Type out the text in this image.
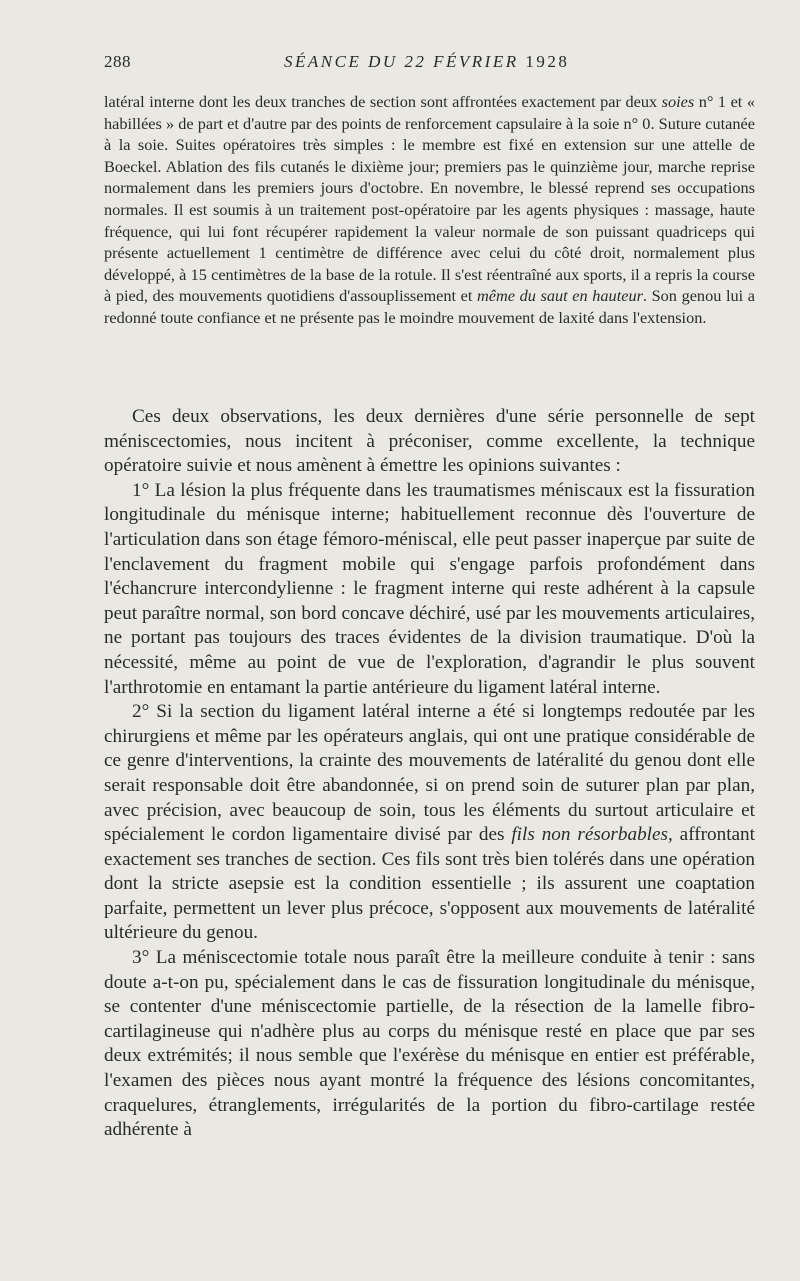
288	SÉANCE DU 22 FÉVRIER 1928

latéral interne dont les deux tranches de section sont affrontées exactement par deux soies n° 1 et « habillées » de part et d'autre par des points de renforcement capsulaire à la soie n° 0. Suture cutanée à la soie. Suites opératoires très simples : le membre est fixé en extension sur une attelle de Boeckel. Ablation des fils cutanés le dixième jour; premiers pas le quinzième jour, marche reprise normalement dans les premiers jours d'octobre. En novembre, le blessé reprend ses occupations normales. Il est soumis à un traitement post-opératoire par les agents physiques : massage, haute fréquence, qui lui font récupérer rapidement la valeur normale de son puissant quadriceps qui présente actuellement 1 centimètre de différence avec celui du côté droit, normalement plus développé, à 15 centimètres de la base de la rotule. Il s'est réentraîné aux sports, il a repris la course à pied, des mouvements quotidiens d'assouplissement et même du saut en hauteur. Son genou lui a redonné toute confiance et ne présente pas le moindre mouvement de laxité dans l'extension.

Ces deux observations, les deux dernières d'une série personnelle de sept méniscectomies, nous incitent à préconiser, comme excellente, la technique opératoire suivie et nous amènent à émettre les opinions suivantes :

1° La lésion la plus fréquente dans les traumatismes méniscaux est la fissuration longitudinale du ménisque interne; habituellement reconnue dès l'ouverture de l'articulation dans son étage fémoro-méniscal, elle peut passer inaperçue par suite de l'enclavement du fragment mobile qui s'engage parfois profondément dans l'échancrure intercondylienne : le fragment interne qui reste adhérent à la capsule peut paraître normal, son bord concave déchiré, usé par les mouvements articulaires, ne portant pas toujours des traces évidentes de la division traumatique. D'où la nécessité, même au point de vue de l'exploration, d'agrandir le plus souvent l'arthrotomie en entamant la partie antérieure du ligament latéral interne.

2° Si la section du ligament latéral interne a été si longtemps redoutée par les chirurgiens et même par les opérateurs anglais, qui ont une pratique considérable de ce genre d'interventions, la crainte des mouvements de latéralité du genou dont elle serait responsable doit être abandonnée, si on prend soin de suturer plan par plan, avec précision, avec beaucoup de soin, tous les éléments du surtout articulaire et spécialement le cordon ligamentaire divisé par des fils non résorbables, affrontant exactement ses tranches de section. Ces fils sont très bien tolérés dans une opération dont la stricte asepsie est la condition essentielle ; ils assurent une coaptation parfaite, permettent un lever plus précoce, s'opposent aux mouvements de latéralité ultérieure du genou.

3° La méniscectomie totale nous paraît être la meilleure conduite à tenir : sans doute a-t-on pu, spécialement dans le cas de fissuration longitudinale du ménisque, se contenter d'une méniscectomie partielle, de la résection de la lamelle fibro-cartilagineuse qui n'adhère plus au corps du ménisque resté en place que par ses deux extrémités; il nous semble que l'exérèse du ménisque en entier est préférable, l'examen des pièces nous ayant montré la fréquence des lésions concomitantes, craquelures, étranglements, irrégularités de la portion du fibro-cartilage restée adhérente à
